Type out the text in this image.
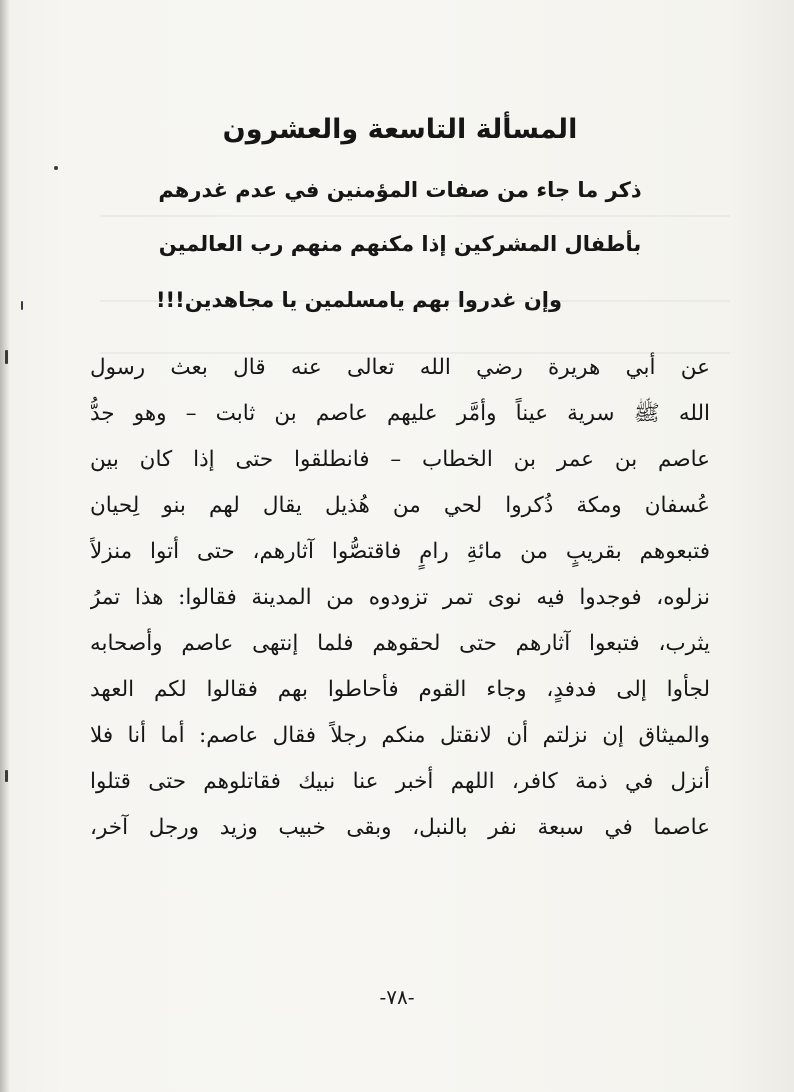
المسألة التاسعة والعشرون

ذكر ما جاء من صفات المؤمنين في عدم غدرهم

بأطفال المشركين إذا مكنهم منهم رب العالمين

وإن غدروا بهم يامسلمين يا مجاهدين!!!

عن أبي هريرة رضي الله تعالى عنه قال بعث رسول
الله ﷺ سرية عيناً وأمَّر عليهم عاصم بن ثابت – وهو جدُّ
عاصم بن عمر بن الخطاب – فانطلقوا حتى إذا كان بين
عُسفان ومكة ذُكروا لحي من هُذيل يقال لهم بنو لِحيان
فتبعوهم بقريبٍ من مائةِ رامٍ فاقتصُّوا آثارهم، حتى أتوا منزلاً
نزلوه، فوجدوا فيه نوى تمر تزودوه من المدينة فقالوا: هذا تمرُ
يثرب، فتبعوا آثارهم حتى لحقوهم فلما إنتهى عاصم وأصحابه
لجأوا إلى فدفدٍ، وجاء القوم فأحاطوا بهم فقالوا لكم العهد
والميثاق إن نزلتم أن لانقتل منكم رجلاً فقال عاصم: أما أنا فلا
أنزل في ذمة كافر، اللهم أخبر عنا نبيك فقاتلوهم حتى قتلوا
عاصما في سبعة نفر بالنبل، وبقى خبيب وزيد ورجل آخر،
-٧٨-
